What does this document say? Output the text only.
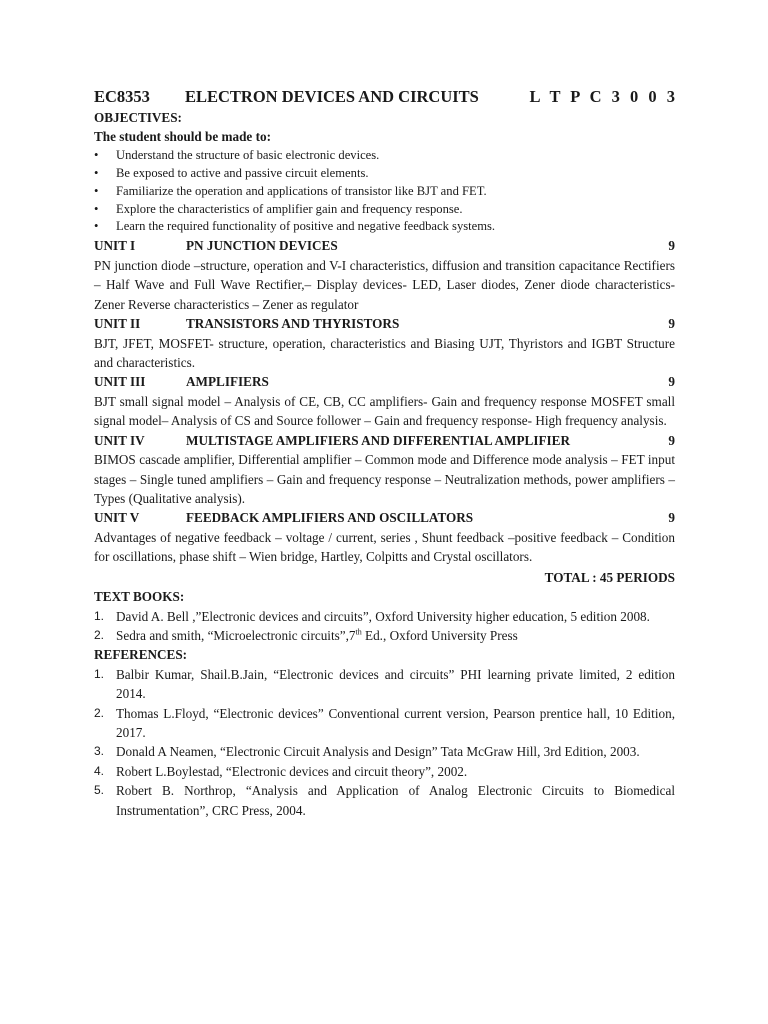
EC8353	ELECTRON DEVICES AND CIRCUITS	L T P C 3 0 0 3
OBJECTIVES:
The student should be made to:
• Understand the structure of basic electronic devices.
• Be exposed to active and passive circuit elements.
• Familiarize the operation and applications of transistor like BJT and FET.
• Explore the characteristics of amplifier gain and frequency response.
• Learn the required functionality of positive and negative feedback systems.
UNIT I	PN JUNCTION DEVICES	9

PN junction diode –structure, operation and V-I characteristics, diffusion and transition capacitance Rectifiers – Half Wave and Full Wave Rectifier,– Display devices- LED, Laser diodes, Zener diode characteristics- Zener Reverse characteristics – Zener as regulator

UNIT II	TRANSISTORS AND THYRISTORS	9

BJT, JFET, MOSFET- structure, operation, characteristics and Biasing UJT, Thyristors and IGBT Structure and characteristics.

UNIT III	AMPLIFIERS	9

BJT small signal model – Analysis of CE, CB, CC amplifiers- Gain and frequency response MOSFET small signal model– Analysis of CS and Source follower – Gain and frequency response- High frequency analysis.

UNIT IV	MULTISTAGE AMPLIFIERS AND DIFFERENTIAL AMPLIFIER	9

BIMOS cascade amplifier, Differential amplifier – Common mode and Difference mode analysis – FET input stages – Single tuned amplifiers – Gain and frequency response – Neutralization methods, power amplifiers –Types (Qualitative analysis).

UNIT V	FEEDBACK AMPLIFIERS AND OSCILLATORS	9

Advantages of negative feedback – voltage / current, series , Shunt feedback –positive feedback – Condition for oscillations, phase shift – Wien bridge, Hartley, Colpitts and Crystal oscillators.

TOTAL : 45 PERIODS
TEXT BOOKS:
1. David A. Bell ,”Electronic devices and circuits”, Oxford University higher education, 5 edition 2008.
2. Sedra and smith, “Microelectronic circuits”,7th Ed., Oxford University Press
REFERENCES:
1. Balbir Kumar, Shail.B.Jain, “Electronic devices and circuits” PHI learning private limited, 2 edition 2014.
2. Thomas L.Floyd, “Electronic devices” Conventional current version, Pearson prentice hall, 10 Edition, 2017.
3. Donald A Neamen, “Electronic Circuit Analysis and Design” Tata McGraw Hill, 3rd Edition, 2003.
4. Robert L.Boylestad, “Electronic devices and circuit theory”, 2002.
5. Robert B. Northrop, “Analysis and Application of Analog Electronic Circuits to Biomedical Instrumentation”, CRC Press, 2004.
